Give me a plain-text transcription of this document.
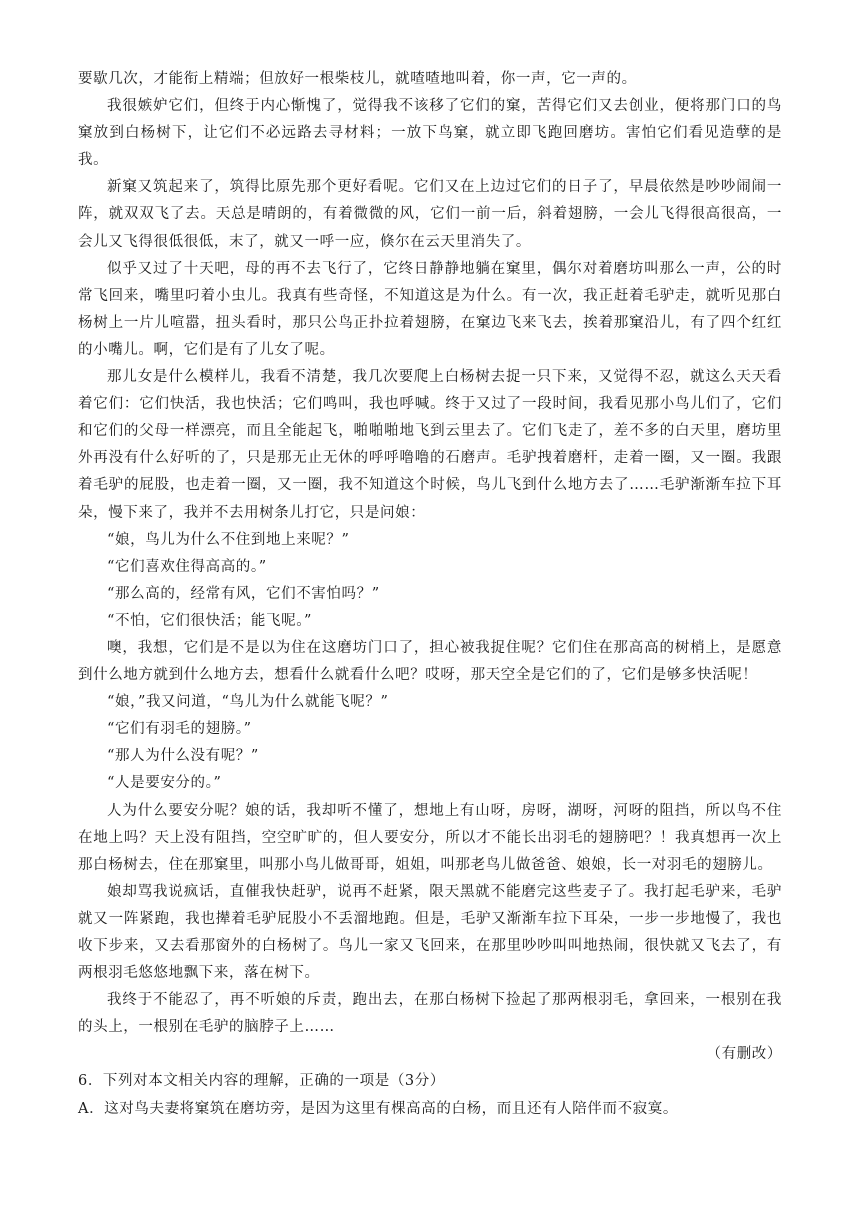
要歇几次，才能衔上精端；但放好一根柴枝儿，就喳喳地叫着，你一声，它一声的。

我很嫉妒它们，但终于内心惭愧了，觉得我不该移了它们的窠，苦得它们又去创业，便将那门口的鸟窠放到白杨树下，让它们不必远路去寻材料；一放下鸟窠，就立即飞跑回磨坊。害怕它们看见造孽的是我。

新窠又筑起来了，筑得比原先那个更好看呢。它们又在上边过它们的日子了，早晨依然是吵吵闹闹一阵，就双双飞了去。天总是晴朗的，有着微微的风，它们一前一后，斜着翅膀，一会儿飞得很高很高，一会儿又飞得很低很低，末了，就又一呼一应，倏尔在云天里消失了。

似乎又过了十天吧，母的再不去飞行了，它终日静静地躺在窠里，偶尔对着磨坊叫那么一声，公的时常飞回来，嘴里叼着小虫儿。我真有些奇怪，不知道这是为什么。有一次，我正赶着毛驴走，就听见那白杨树上一片儿喧嚣，扭头看时，那只公鸟正扑拉着翅膀，在窠边飞来飞去，挨着那窠沿儿，有了四个红红的小嘴儿。啊，它们是有了儿女了呢。

那儿女是什么模样儿，我看不清楚，我几次要爬上白杨树去捉一只下来，又觉得不忍，就这么天天看着它们：它们快活，我也快活；它们鸣叫，我也呼喊。终于又过了一段时间，我看见那小鸟儿们了，它们和它们的父母一样漂亮，而且全能起飞，啪啪啪地飞到云里去了。它们飞走了，差不多的白天里，磨坊里外再没有什么好听的了，只是那无止无休的呼呼噜噜的石磨声。毛驴拽着磨杆，走着一圈，又一圈。我跟着毛驴的屁股，也走着一圈，又一圈，我不知道这个时候，鸟儿飞到什么地方去了……毛驴渐渐车拉下耳朵，慢下来了，我并不去用树条儿打它，只是问娘：

“娘，鸟儿为什么不住到地上来呢？”

“它们喜欢住得高高的。”

“那么高的，经常有风，它们不害怕吗？”

“不怕，它们很快活；能飞呢。”

噢，我想，它们是不是以为住在这磨坊门口了，担心被我捉住呢？它们住在那高高的树梢上，是愿意到什么地方就到什么地方去，想看什么就看什么吧？哎呀，那天空全是它们的了，它们是够多快活呢！

“娘，”我又问道，“鸟儿为什么就能飞呢？”

“它们有羽毛的翅膀。”

“那人为什么没有呢？”

“人是要安分的。”

人为什么要安分呢？娘的话，我却听不懂了，想地上有山呀，房呀，湖呀，河呀的阻挡，所以鸟不住在地上吗？天上没有阻挡，空空旷旷的，但人要安分，所以才不能长出羽毛的翅膀吧？！我真想再一次上那白杨树去，住在那窠里，叫那小鸟儿做哥哥，姐姐，叫那老鸟儿做爸爸、娘娘，长一对羽毛的翅膀儿。

娘却骂我说疯话，直催我快赶驴，说再不赶紧，限天黑就不能磨完这些麦子了。我打起毛驴来，毛驴就又一阵紧跑，我也撵着毛驴屁股小不丢溜地跑。但是，毛驴又渐渐车拉下耳朵，一步一步地慢了，我也收下步来，又去看那窗外的白杨树了。鸟儿一家又飞回来，在那里吵吵叫叫地热闹，很快就又飞去了，有两根羽毛悠悠地飘下来，落在树下。

我终于不能忍了，再不听娘的斥责，跑出去，在那白杨树下捡起了那两根羽毛，拿回来，一根别在我的头上，一根别在毛驴的脑脖子上……

（有删改）

6．下列对本文相关内容的理解，正确的一项是（3分）

A．这对鸟夫妻将窠筑在磨坊旁，是因为这里有棵高高的白杨，而且还有人陪伴而不寂寞。
